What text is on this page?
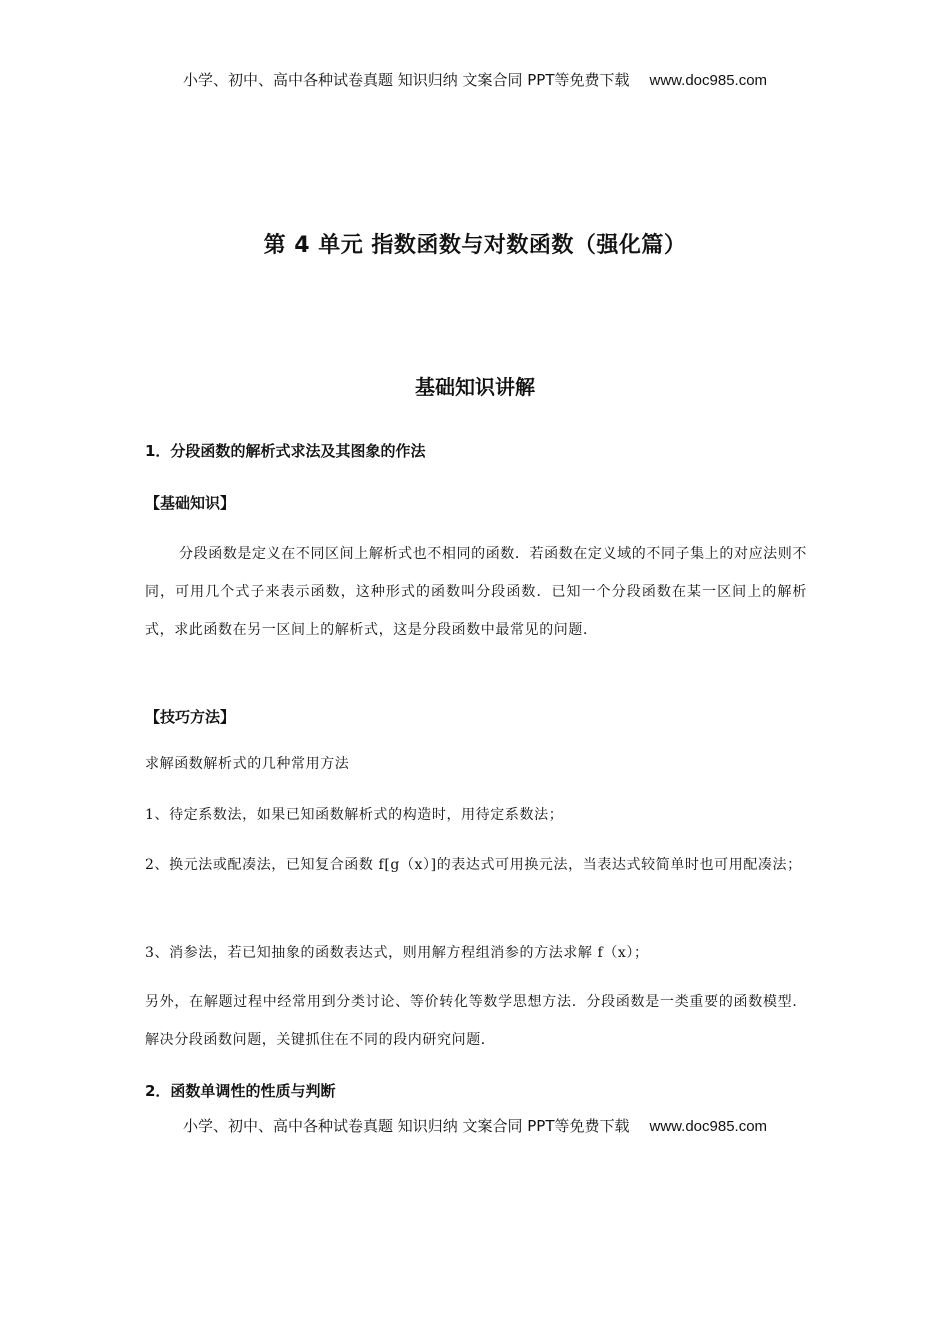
小学、初中、高中各种试卷真题 知识归纳 文案合同 PPT等免费下载 www.doc985.com
第 4 单元 指数函数与对数函数（强化篇）
基础知识讲解
1．分段函数的解析式求法及其图象的作法
【基础知识】
分段函数是定义在不同区间上解析式也不相同的函数．若函数在定义域的不同子集上的对应法则不同，可用几个式子来表示函数，这种形式的函数叫分段函数．已知一个分段函数在某一区间上的解析式，求此函数在另一区间上的解析式，这是分段函数中最常见的问题．
【技巧方法】
求解函数解析式的几种常用方法
1、待定系数法，如果已知函数解析式的构造时，用待定系数法；
2、换元法或配凑法，已知复合函数 f[g（x）]的表达式可用换元法，当表达式较简单时也可用配凑法；
3、消参法，若已知抽象的函数表达式，则用解方程组消参的方法求解 f（x）；
另外，在解题过程中经常用到分类讨论、等价转化等数学思想方法．分段函数是一类重要的函数模型．解决分段函数问题，关键抓住在不同的段内研究问题．
2．函数单调性的性质与判断
小学、初中、高中各种试卷真题 知识归纳 文案合同 PPT等免费下载 www.doc985.com
